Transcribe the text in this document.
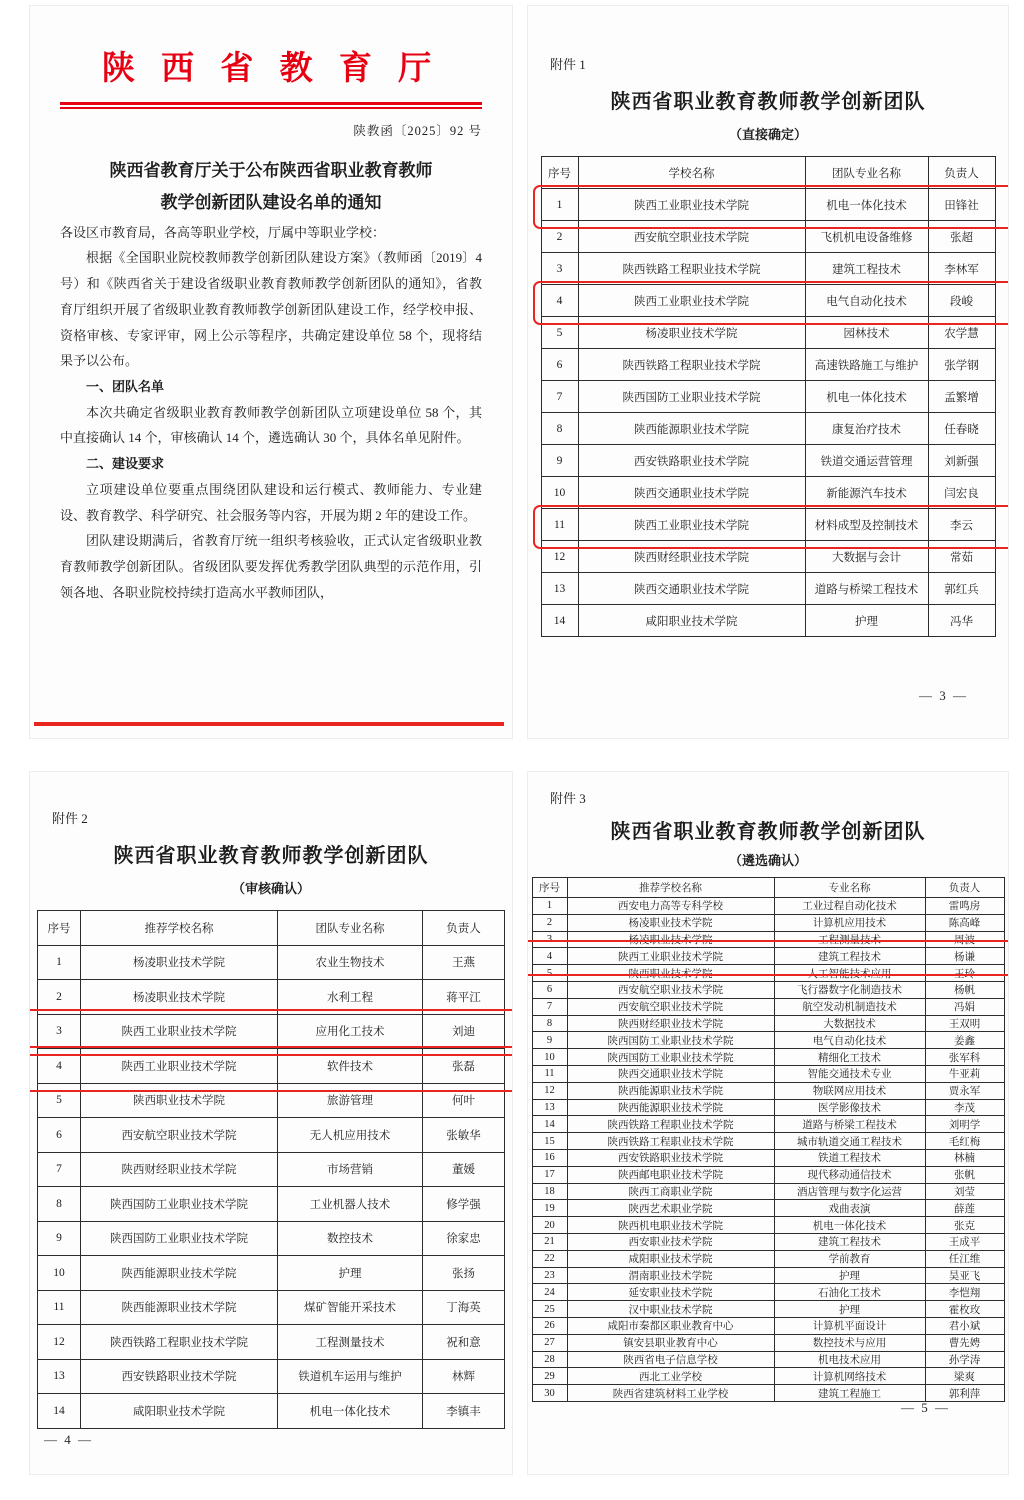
陕 西 省 教 育 厅
陕教函〔2025〕92 号
陕西省教育厅关于公布陕西省职业教育教师
教学创新团队建设名单的通知

各设区市教育局，各高等职业学校，厅属中等职业学校：

根据《全国职业院校教师教学创新团队建设方案》（教师函〔2019〕4 号）和《陕西省关于建设省级职业教育教师教学创新团队的通知》，省教育厅组织开展了省级职业教育教师教学创新团队建设工作，经学校申报、资格审核、专家评审，网上公示等程序，共确定建设单位 58 个，现将结果予以公布。

一、团队名单

本次共确定省级职业教育教师教学创新团队立项建设单位 58 个，其中直接确认 14 个，审核确认 14 个，遴选确认 30 个，具体名单见附件。

二、建设要求

立项建设单位要重点围绕团队建设和运行模式、教师能力、专业建设、教育教学、科学研究、社会服务等内容，开展为期 2 年的建设工作。

团队建设期满后，省教育厅统一组织考核验收，正式认定省级职业教育教师教学创新团队。省级团队要发挥优秀教学团队典型的示范作用，引领各地、各职业院校持续打造高水平教师团队，

附件 1
陕西省职业教育教师教学创新团队
（直接确定）
序号	学校名称	团队专业名称	负责人
1	陕西工业职业技术学院	机电一体化技术	田锋社
2	西安航空职业技术学院	飞机机电设备维修	张超
3	陕西铁路工程职业技术学院	建筑工程技术	李林军
4	陕西工业职业技术学院	电气自动化技术	段峻
5	杨凌职业技术学院	园林技术	农学慧
6	陕西铁路工程职业技术学院	高速铁路施工与维护	张学钢
7	陕西国防工业职业技术学院	机电一体化技术	孟繁增
8	陕西能源职业技术学院	康复治疗技术	任春晓
9	西安铁路职业技术学院	铁道交通运营管理	刘新强
10	陕西交通职业技术学院	新能源汽车技术	闫宏良
11	陕西工业职业技术学院	材料成型及控制技术	李云
12	陕西财经职业技术学院	大数据与会计	常茹
13	陕西交通职业技术学院	道路与桥梁工程技术	郭红兵
14	咸阳职业技术学院	护理	冯华
— 3 —
附件 2
陕西省职业教育教师教学创新团队
（审核确认）
序号	推荐学校名称	团队专业名称	负责人
1	杨凌职业技术学院	农业生物技术	王燕
2	杨凌职业技术学院	水利工程	蒋平江
3	陕西工业职业技术学院	应用化工技术	刘迪
4	陕西工业职业技术学院	软件技术	张磊
5	陕西职业技术学院	旅游管理	何叶
6	西安航空职业技术学院	无人机应用技术	张敏华
7	陕西财经职业技术学院	市场营销	董媛
8	陕西国防工业职业技术学院	工业机器人技术	修学强
9	陕西国防工业职业技术学院	数控技术	徐家忠
10	陕西能源职业技术学院	护理	张扬
11	陕西能源职业技术学院	煤矿智能开采技术	丁海英
12	陕西铁路工程职业技术学院	工程测量技术	祝和意
13	西安铁路职业技术学院	铁道机车运用与维护	林辉
14	咸阳职业技术学院	机电一体化技术	李镇丰
— 4 —
附件 3
陕西省职业教育教师教学创新团队
（遴选确认）
序号	推荐学校名称	专业名称	负责人
1	西安电力高等专科学校	工业过程自动化技术	雷鸣房
2	杨凌职业技术学院	计算机应用技术	陈高峰
3	杨凌职业技术学院	工程测量技术	周波
4	陕西工业职业技术学院	建筑工程技术	杨谦
5	陕西职业技术学院	人工智能技术应用	王玲
6	西安航空职业技术学院	飞行器数字化制造技术	杨帆
7	西安航空职业技术学院	航空发动机制造技术	冯娟
8	陕西财经职业技术学院	大数据技术	王双明
9	陕西国防工业职业技术学院	电气自动化技术	姜鑫
10	陕西国防工业职业技术学院	精细化工技术	张军科
11	陕西交通职业技术学院	智能交通技术专业	牛亚莉
12	陕西能源职业技术学院	物联网应用技术	贾永军
13	陕西能源职业技术学院	医学影像技术	李茂
14	陕西铁路工程职业技术学院	道路与桥梁工程技术	刘明学
15	陕西铁路工程职业技术学院	城市轨道交通工程技术	毛红梅
16	西安铁路职业技术学院	铁道工程技术	林楠
17	陕西邮电职业技术学院	现代移动通信技术	张帆
18	陕西工商职业学院	酒店管理与数字化运营	刘莹
19	陕西艺术职业学院	戏曲表演	薛莲
20	陕西机电职业技术学院	机电一体化技术	张克
21	西安职业技术学院	建筑工程技术	王成平
22	咸阳职业技术学院	学前教育	任江维
23	渭南职业技术学院	护理	昊亚飞
24	延安职业技术学院	石油化工技术	李恺翔
25	汉中职业技术学院	护理	霍枚玫
26	咸阳市秦都区职业教育中心	计算机平面设计	君小斌
27	镇安县职业教育中心	数控技术与应用	曹先娉
28	陕西省电子信息学校	机电技术应用	孙学涛
29	西北工业学校	计算机网络技术	梁爽
30	陕西省建筑材料工业学校	建筑工程施工	郭利萍
— 5 —
